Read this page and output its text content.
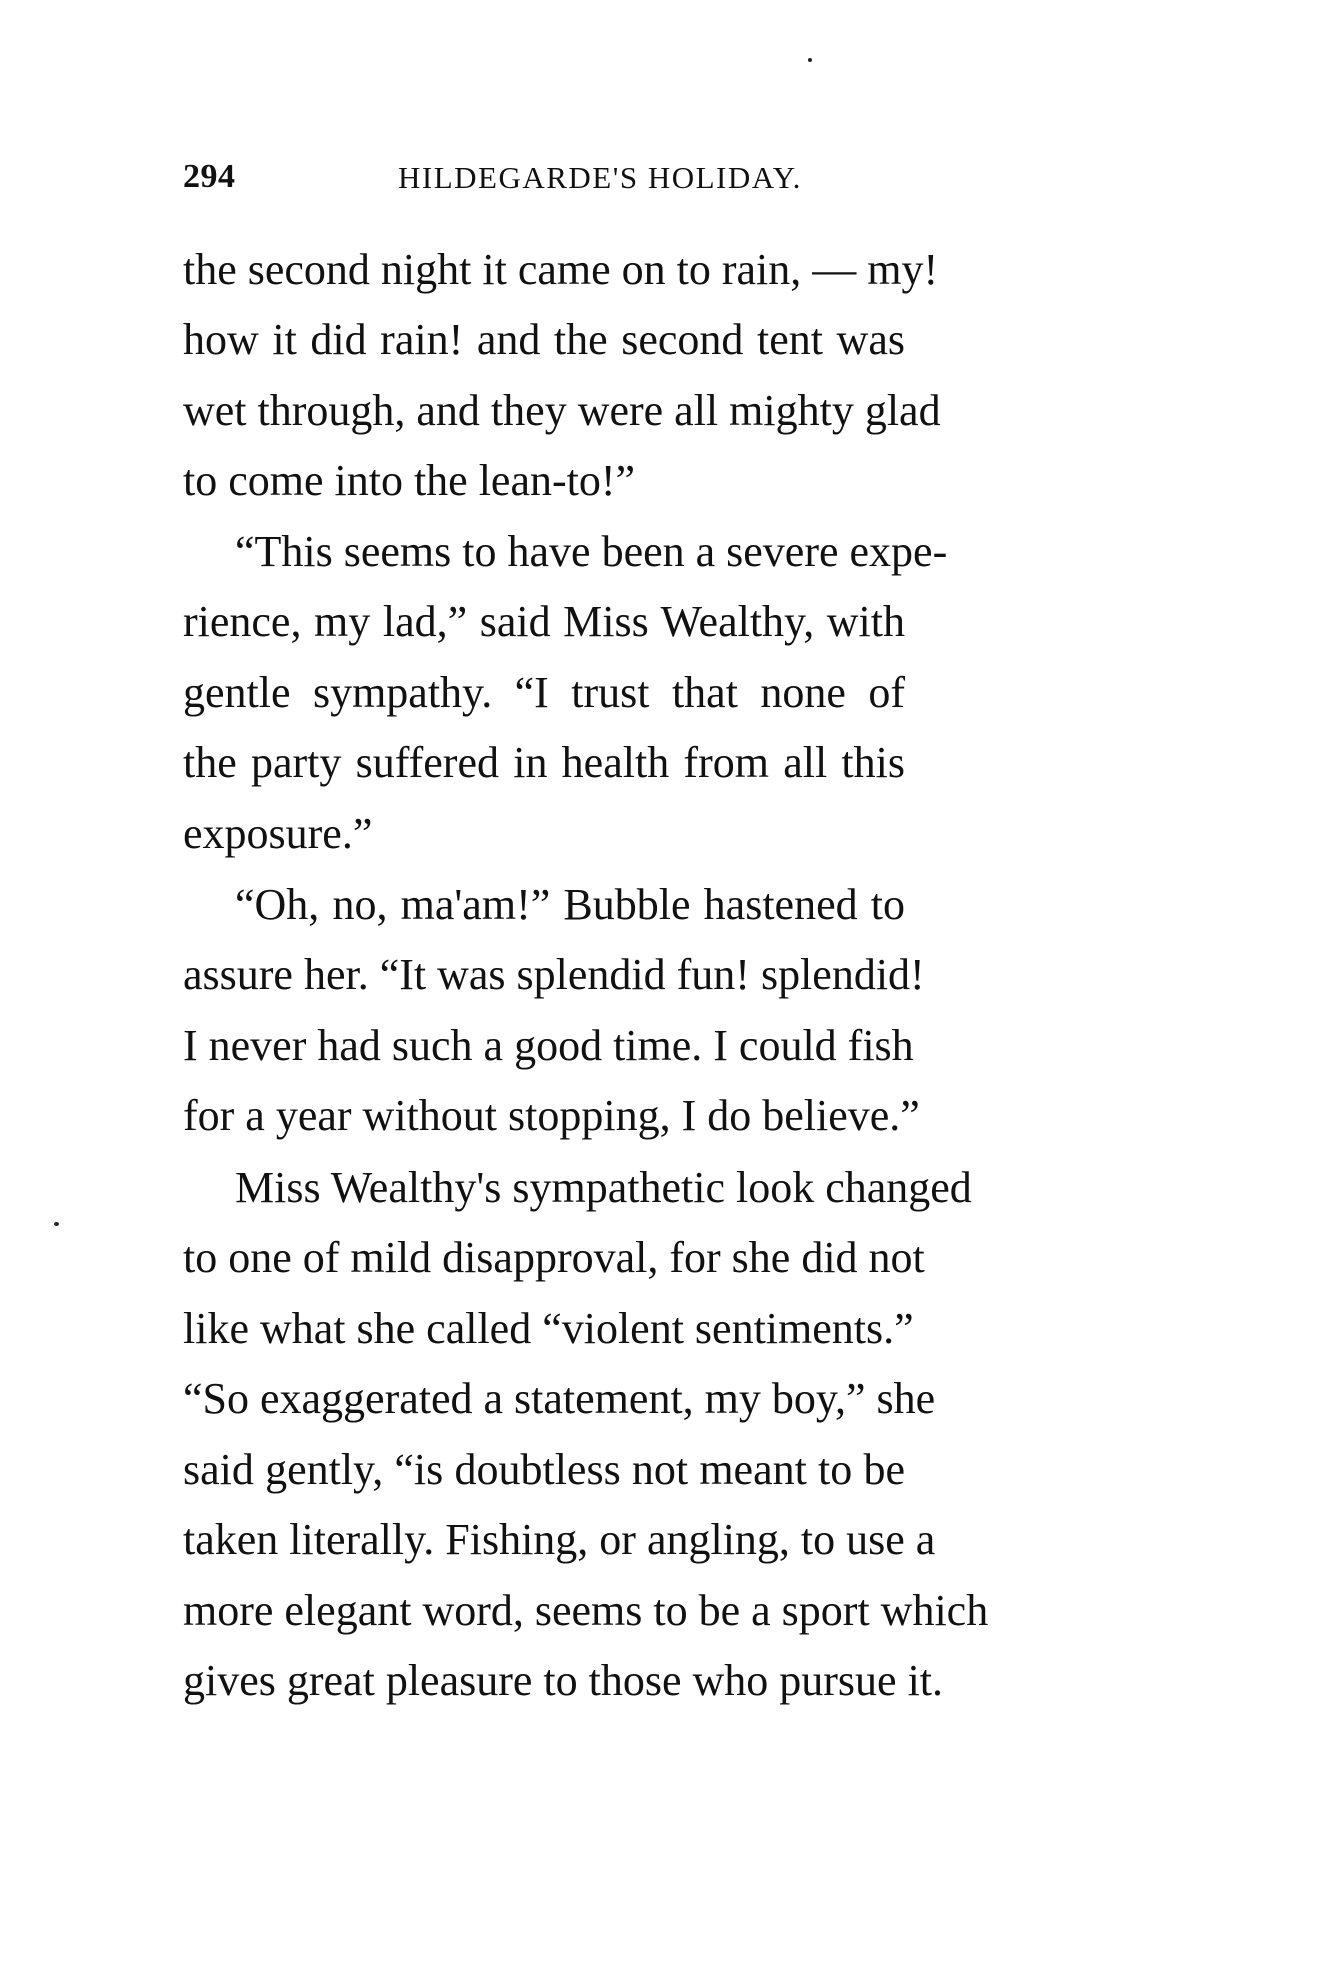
294	HILDEGARDE'S HOLIDAY.
the second night it came on to rain, — my!
how it did rain! and the second tent was
wet through, and they were all mighty glad
to come into the lean-to!”
“This seems to have been a severe expe-
rience, my lad,” said Miss Wealthy, with
gentle sympathy. “I trust that none of
the party suffered in health from all this
exposure.”
“Oh, no, ma'am!” Bubble hastened to
assure her. “It was splendid fun! splendid!
I never had such a good time. I could fish
for a year without stopping, I do believe.”
Miss Wealthy's sympathetic look changed
to one of mild disapproval, for she did not
like what she called “violent sentiments.”
“So exaggerated a statement, my boy,” she
said gently, “is doubtless not meant to be
taken literally. Fishing, or angling, to use a
more elegant word, seems to be a sport which
gives great pleasure to those who pursue it.
